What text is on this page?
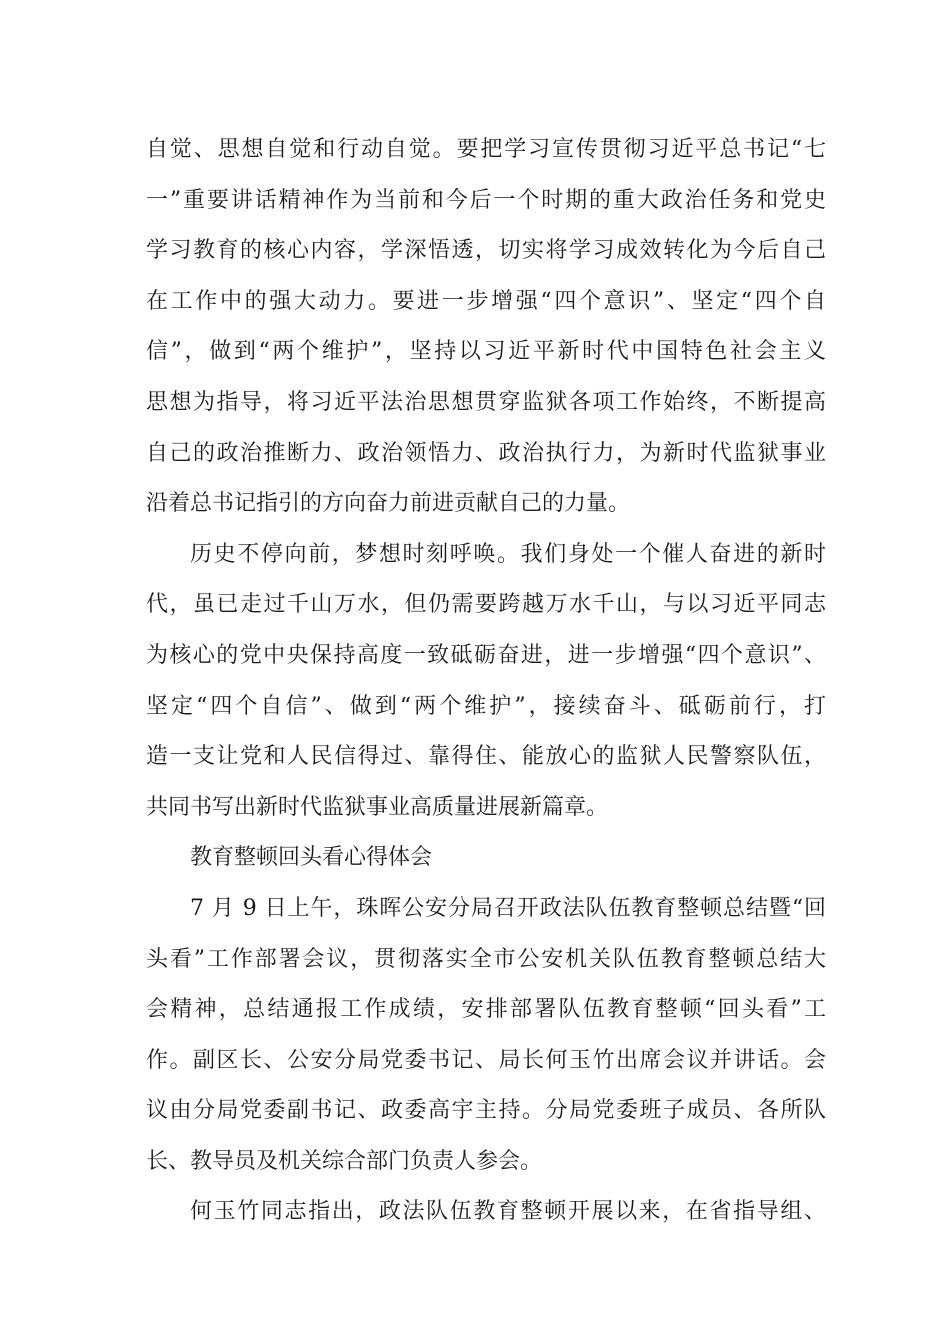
自觉、思想自觉和行动自觉。要把学习宣传贯彻习近平总书记“七
一”重要讲话精神作为当前和今后一个时期的重大政治任务和党史
学习教育的核心内容，学深悟透，切实将学习成效转化为今后自己
在工作中的强大动力。要进一步增强“四个意识”、坚定“四个自
信”，做到“两个维护”，坚持以习近平新时代中国特色社会主义
思想为指导，将习近平法治思想贯穿监狱各项工作始终，不断提高
自己的政治推断力、政治领悟力、政治执行力，为新时代监狱事业
沿着总书记指引的方向奋力前进贡献自己的力量。
历史不停向前，梦想时刻呼唤。我们身处一个催人奋进的新时
代，虽已走过千山万水，但仍需要跨越万水千山，与以习近平同志
为核心的党中央保持高度一致砥砺奋进，进一步增强“四个意识”、
坚定“四个自信”、做到“两个维护”，接续奋斗、砥砺前行，打
造一支让党和人民信得过、靠得住、能放心的监狱人民警察队伍，
共同书写出新时代监狱事业高质量进展新篇章。
教育整顿回头看心得体会
7 月 9 日上午，珠晖公安分局召开政法队伍教育整顿总结暨“回
头看”工作部署会议，贯彻落实全市公安机关队伍教育整顿总结大
会精神，总结通报工作成绩，安排部署队伍教育整顿“回头看”工
作。副区长、公安分局党委书记、局长何玉竹出席会议并讲话。会
议由分局党委副书记、政委高宇主持。分局党委班子成员、各所队
长、教导员及机关综合部门负责人参会。
何玉竹同志指出，政法队伍教育整顿开展以来，在省指导组、
